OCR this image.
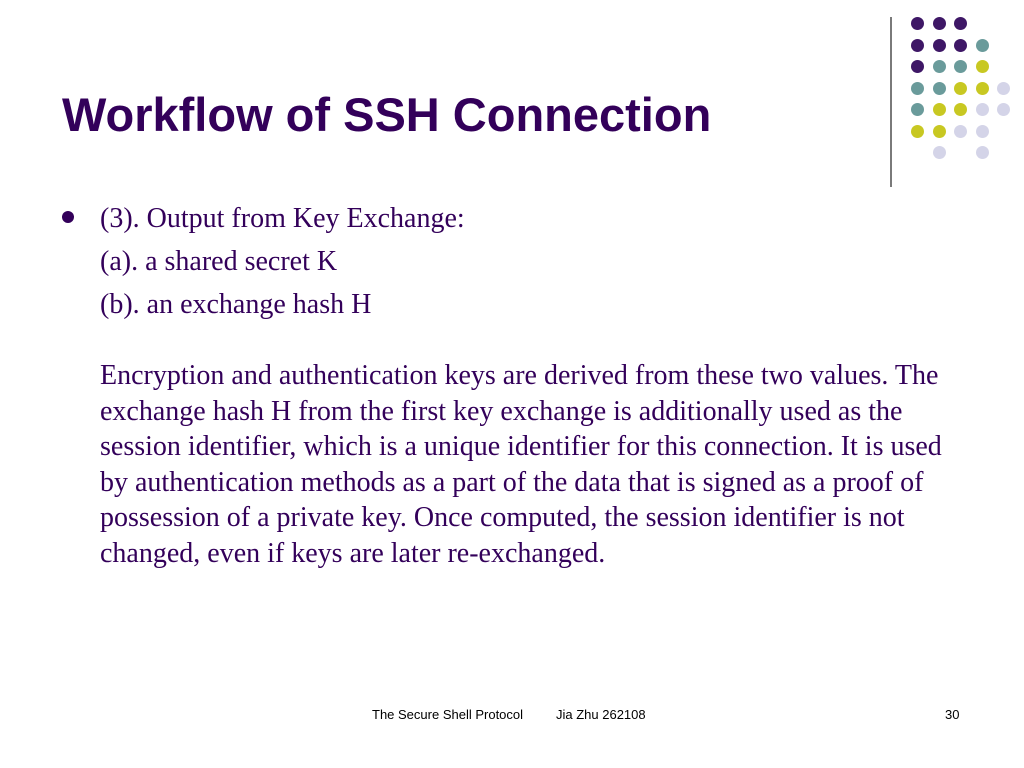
Workflow of SSH Connection
(3). Output from Key Exchange:
(a). a shared secret K
(b). an exchange hash H
Encryption and authentication keys are derived from these two values. The exchange hash H from the first key exchange is additionally used as the session identifier, which is a unique identifier for this connection. It is used by authentication methods as a part of the data that is signed as a proof of possession of a private key. Once computed, the session identifier is not changed, even if keys are later re-exchanged.
The Secure Shell Protocol	Jia Zhu 262108	30
